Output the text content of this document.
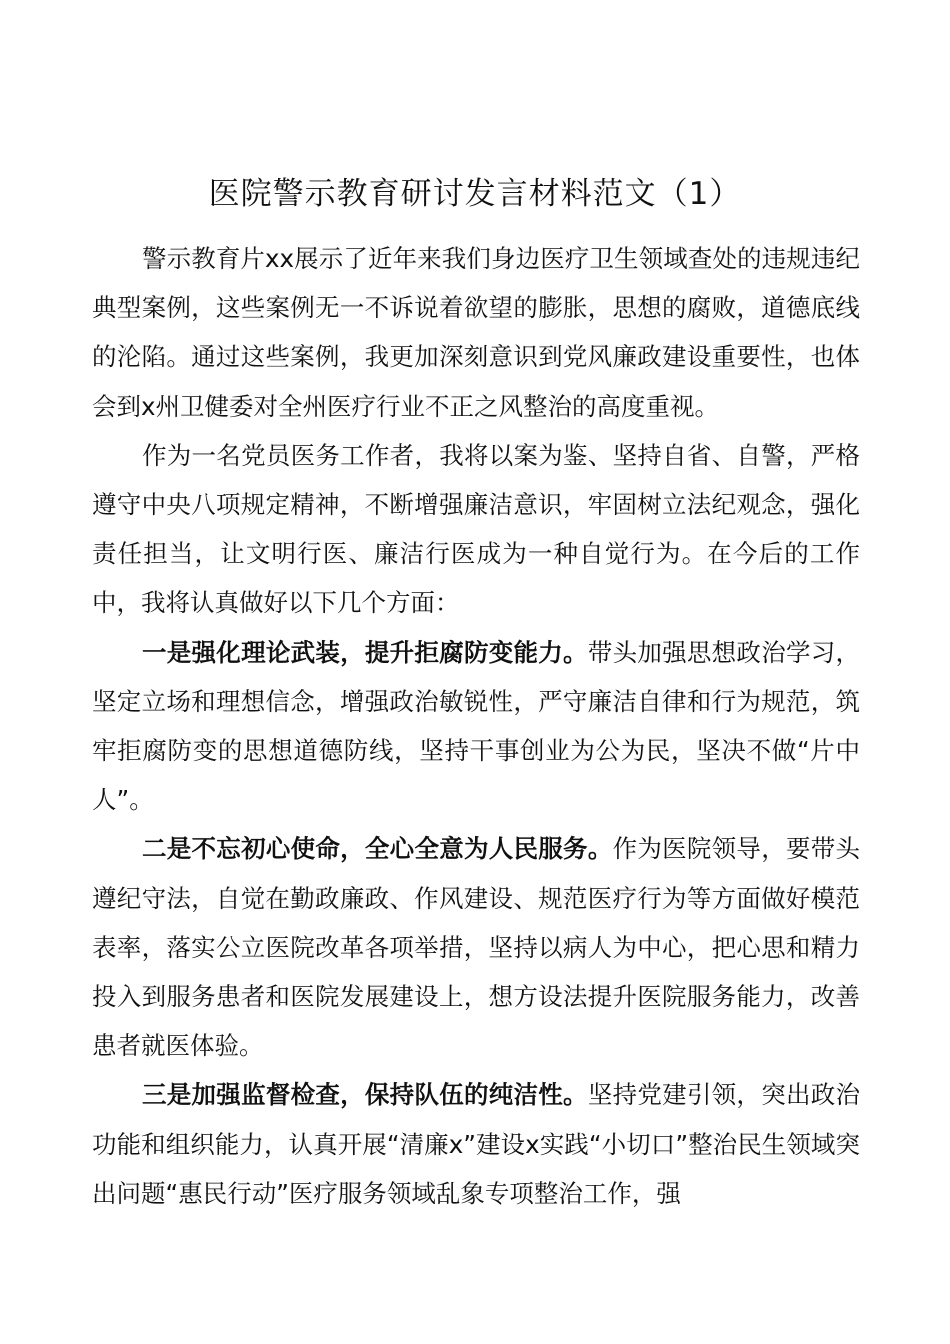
医院警示教育研讨发言材料范文（1）

警示教育片xx展示了近年来我们身边医疗卫生领域查处的违规违纪典型案例，这些案例无一不诉说着欲望的膨胀，思想的腐败，道德底线的沦陷。通过这些案例，我更加深刻意识到党风廉政建设重要性，也体会到x州卫健委对全州医疗行业不正之风整治的高度重视。

作为一名党员医务工作者，我将以案为鉴、坚持自省、自警，严格遵守中央八项规定精神，不断增强廉洁意识，牢固树立法纪观念，强化责任担当，让文明行医、廉洁行医成为一种自觉行为。在今后的工作中，我将认真做好以下几个方面：

一是强化理论武装，提升拒腐防变能力。带头加强思想政治学习，坚定立场和理想信念，增强政治敏锐性，严守廉洁自律和行为规范，筑牢拒腐防变的思想道德防线，坚持干事创业为公为民，坚决不做“片中人”。

二是不忘初心使命，全心全意为人民服务。作为医院领导，要带头遵纪守法，自觉在勤政廉政、作风建设、规范医疗行为等方面做好模范表率，落实公立医院改革各项举措，坚持以病人为中心，把心思和精力投入到服务患者和医院发展建设上，想方设法提升医院服务能力，改善患者就医体验。

三是加强监督检查，保持队伍的纯洁性。坚持党建引领，突出政治功能和组织能力，认真开展“清廉x”建设x实践“小切口”整治民生领域突出问题“惠民行动”医疗服务领域乱象专项整治工作，强
